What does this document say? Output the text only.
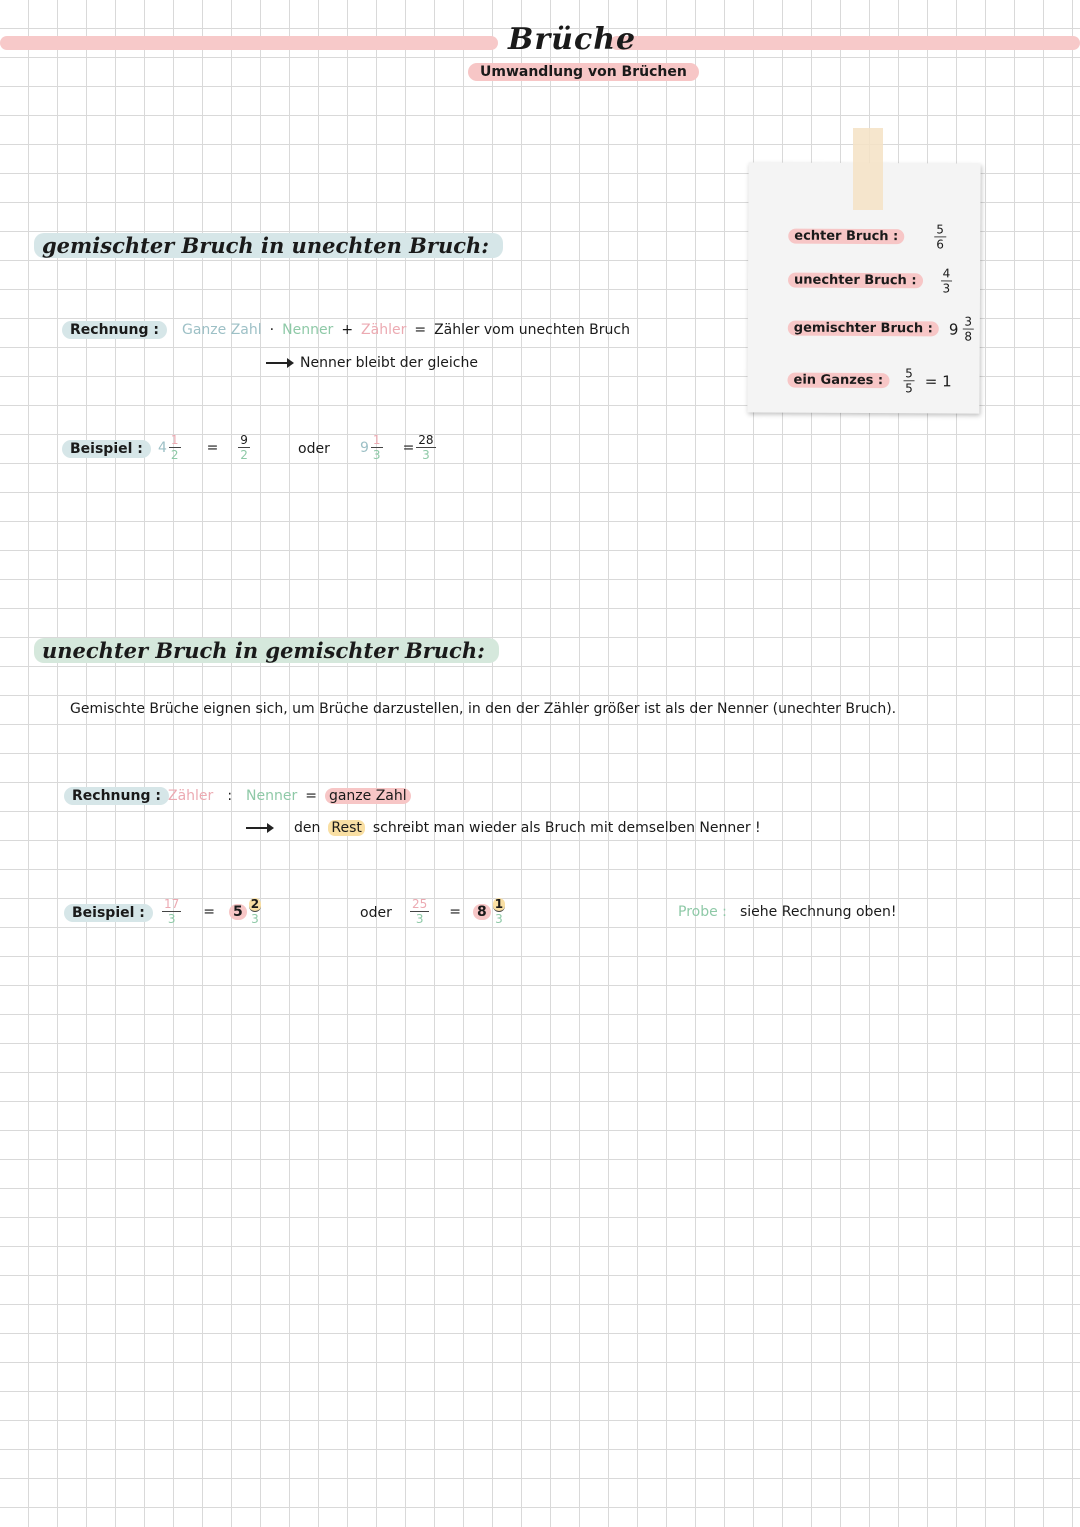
Brüche
Umwandlung von Brüchen
echter Bruch :	$\frac{5}{6}$
unechter Bruch :	$\frac{4}{3}$
gemischter Bruch :	$9 \frac{3}{8}$
ein Ganzes :	$\frac{5}{5} = 1$
gemischter Bruch in unechten Bruch:
Rechnung :	Ganze Zahl · Nenner + Zähler = Zähler vom unechten Bruch
Nenner bleibt der gleiche
Beispiel :	$4 \frac{1}{2} = \frac{9}{2}$	oder $9 \frac{1}{3} = \frac{28}{3}$
unechter Bruch in gemischter Bruch:
Gemischte Brüche eignen sich, um Brüche darzustellen, in den der Zähler größer ist als der Nenner (unechter Bruch).
Rechnung : Zähler : Nenner = ganze Zahl
den Rest schreibt man wieder als Bruch mit demselben Nenner !
Beispiel :	$\frac{17}{3} = 5 \frac{2}{3}$	oder $\frac{25}{3} = 8 \frac{1}{3}$	Probe : siehe Rechnung oben!
